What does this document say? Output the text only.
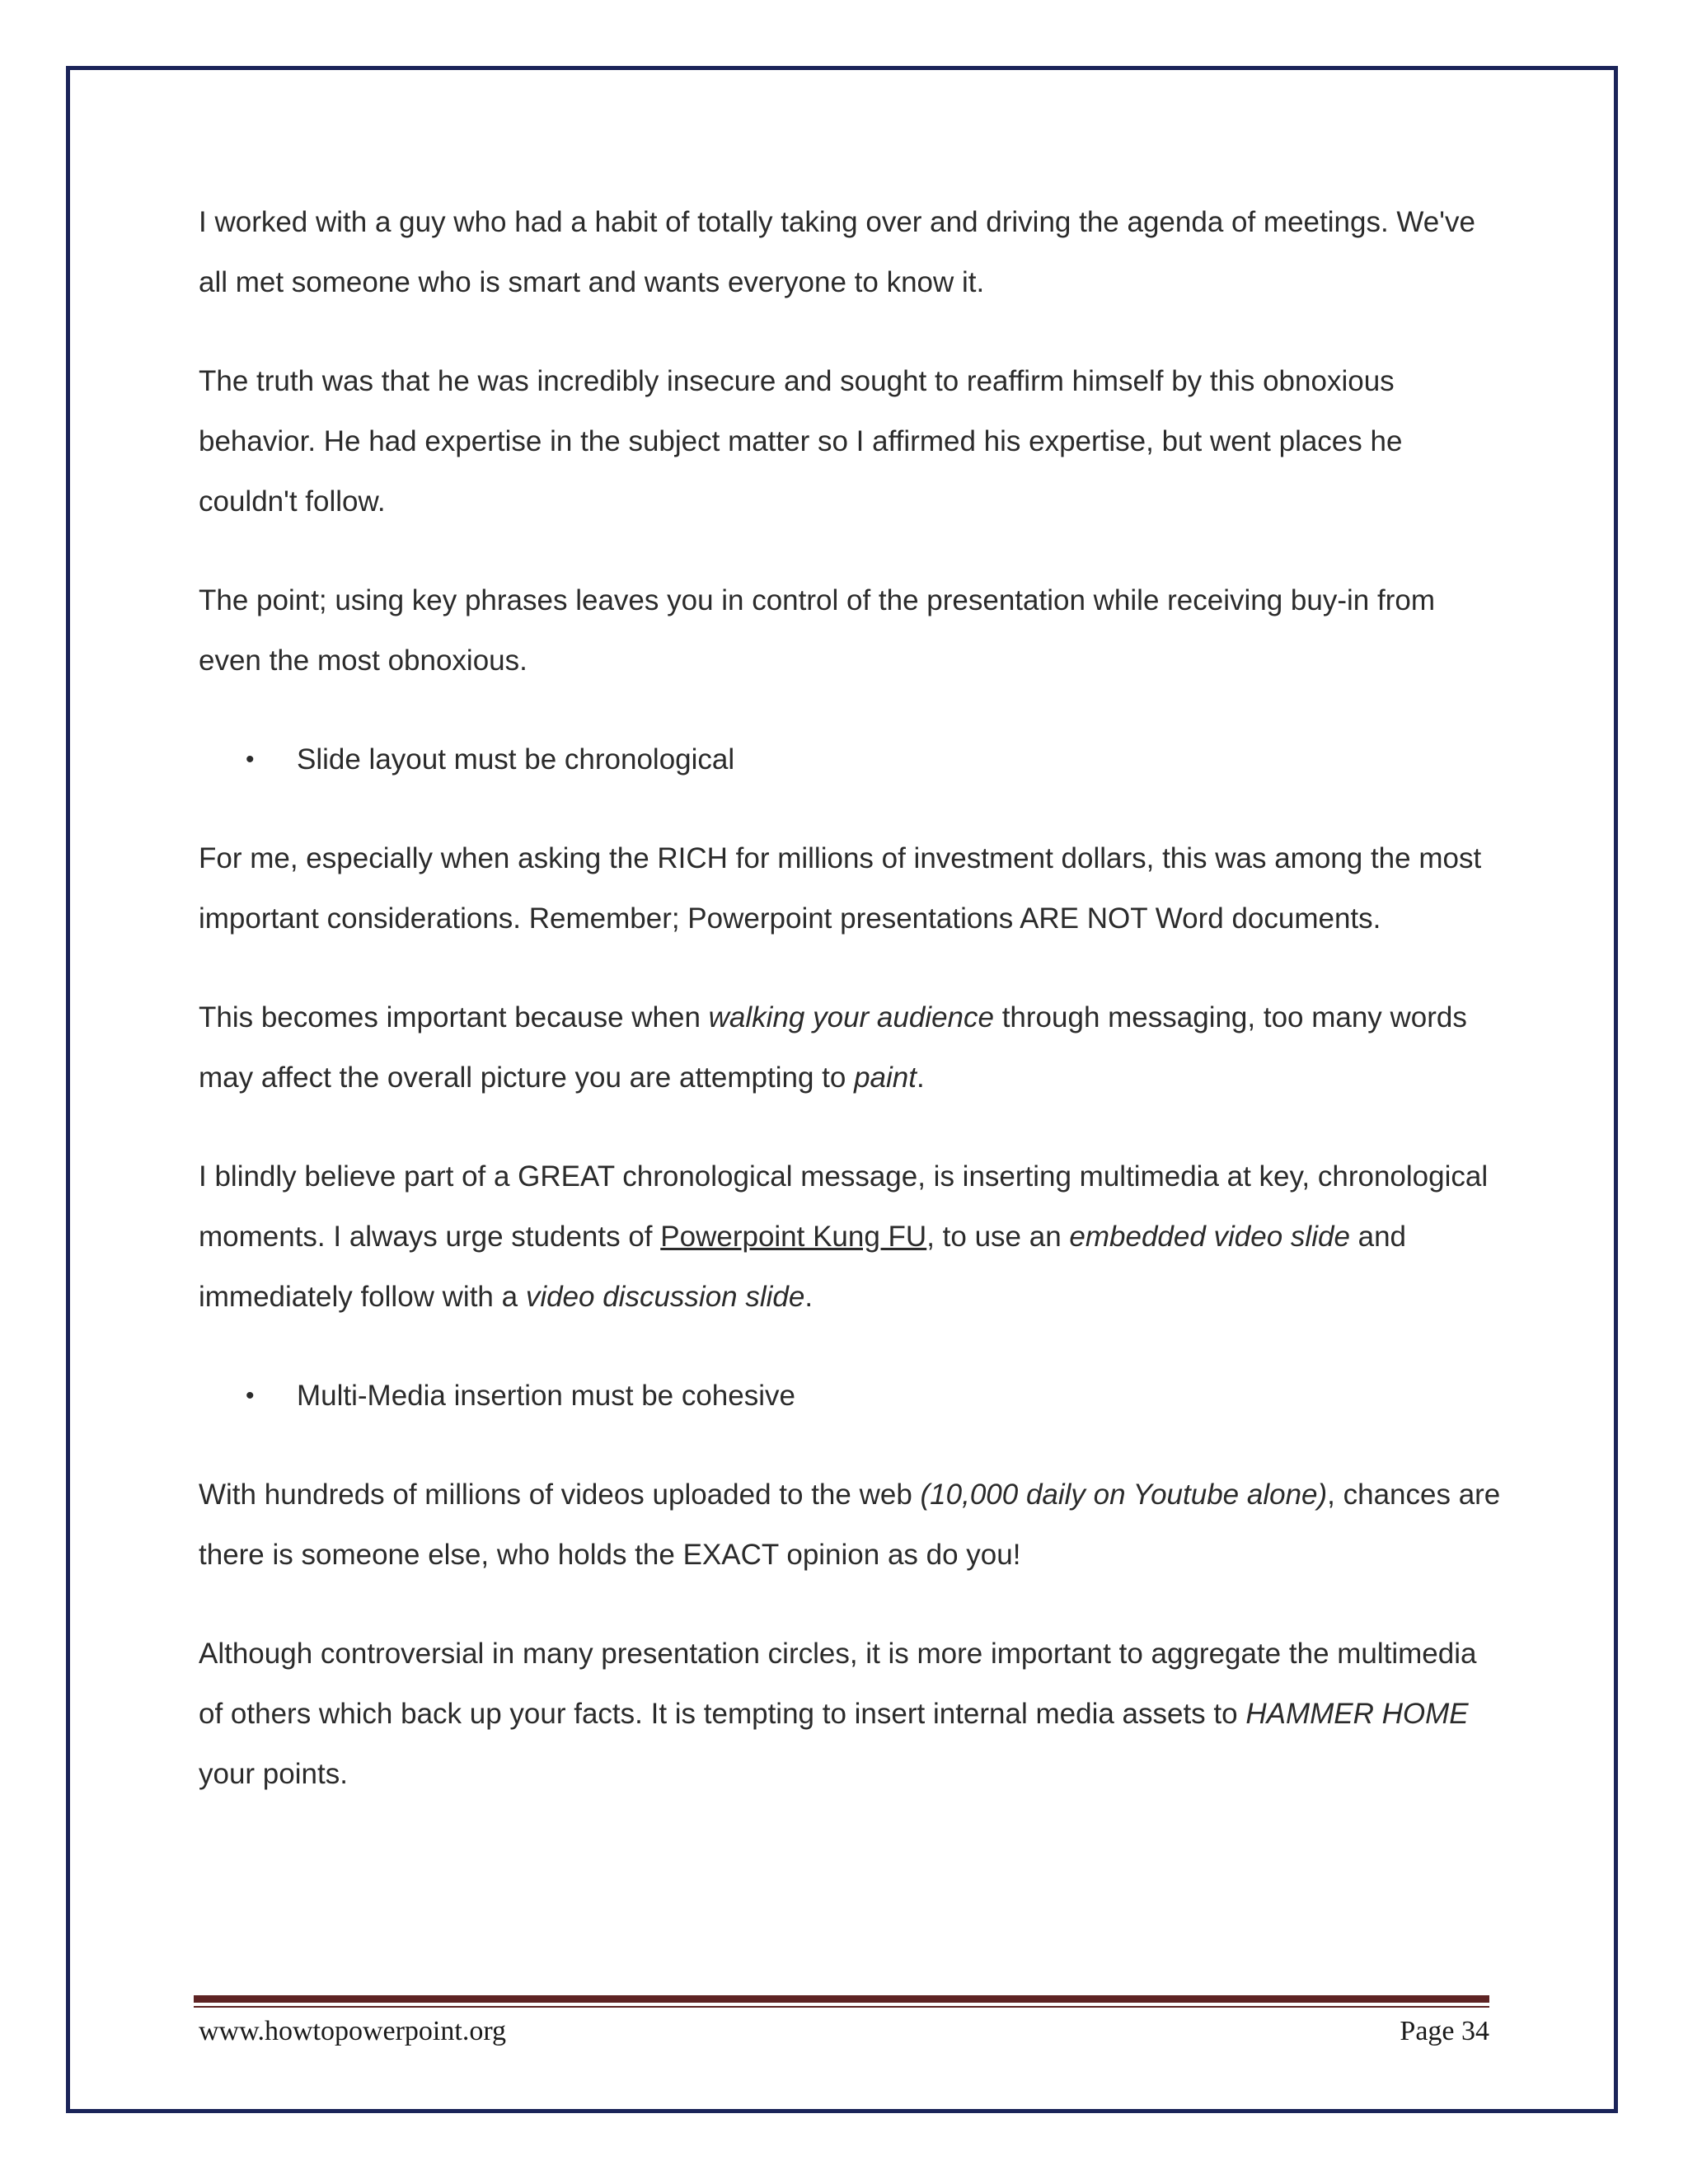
I worked with a guy who had a habit of totally taking over and driving the agenda of meetings. We've all met someone who is smart and wants everyone to know it.

The truth was that he was incredibly insecure and sought to reaffirm himself by this obnoxious behavior. He had expertise in the subject matter so I affirmed his expertise, but went places he couldn't follow.

The point; using key phrases leaves you in control of the presentation while receiving buy-in from even the most obnoxious.

• Slide layout must be chronological

For me, especially when asking the RICH for millions of investment dollars, this was among the most important considerations. Remember; Powerpoint presentations ARE NOT Word documents.

This becomes important because when walking your audience through messaging, too many words may affect the overall picture you are attempting to paint.

I blindly believe part of a GREAT chronological message, is inserting multimedia at key, chronological moments. I always urge students of Powerpoint Kung FU, to use an embedded video slide and immediately follow with a video discussion slide.

• Multi-Media insertion must be cohesive

With hundreds of millions of videos uploaded to the web (10,000 daily on Youtube alone), chances are there is someone else, who holds the EXACT opinion as do you!

Although controversial in many presentation circles, it is more important to aggregate the multimedia of others which back up your facts. It is tempting to insert internal media assets to HAMMER HOME your points.

www.howtopowerpoint.org	Page 34
